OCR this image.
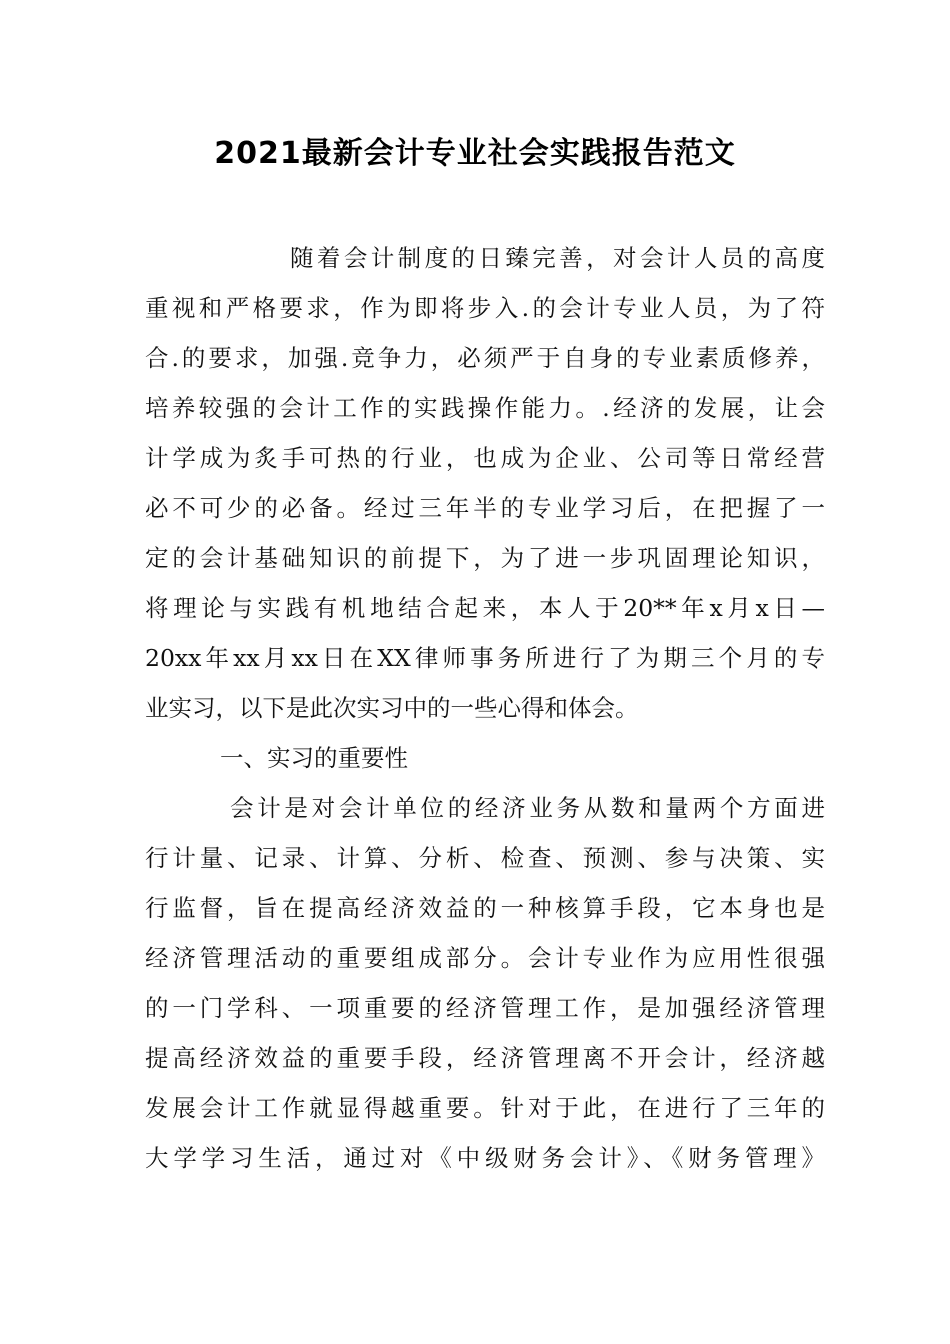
2021最新会计专业社会实践报告范文
随着会计制度的日臻完善，对会计人员的高度
重视和严格要求，作为即将步入.的会计专业人员，为了符
合.的要求，加强.竞争力，必须严于自身的专业素质修养，
培养较强的会计工作的实践操作能力。.经济的发展，让会
计学成为炙手可热的行业，也成为企业、公司等日常经营
必不可少的必备。经过三年半的专业学习后，在把握了一
定的会计基础知识的前提下，为了进一步巩固理论知识，
将理论与实践有机地结合起来，本人于20**年x月x日—
20xx年xx月xx日在XX律师事务所进行了为期三个月的专
业实习，以下是此次实习中的一些心得和体会。
一、实习的重要性
会计是对会计单位的经济业务从数和量两个方面进
行计量、记录、计算、分析、检查、预测、参与决策、实
行监督，旨在提高经济效益的一种核算手段，它本身也是
经济管理活动的重要组成部分。会计专业作为应用性很强
的一门学科、一项重要的经济管理工作，是加强经济管理
提高经济效益的重要手段，经济管理离不开会计，经济越
发展会计工作就显得越重要。针对于此，在进行了三年的
大学学习生活，通过对《中级财务会计》、《财务管理》
